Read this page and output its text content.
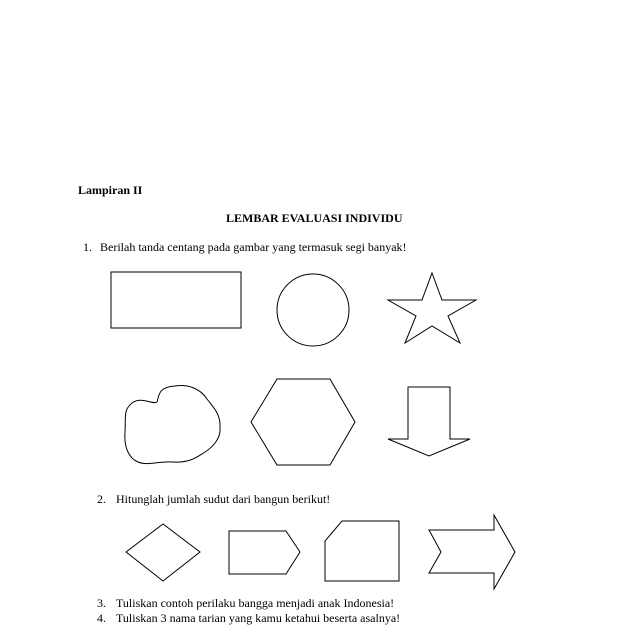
Lampiran II
LEMBAR EVALUASI INDIVIDU
1. Berilah tanda centang pada gambar yang termasuk segi banyak!
2. Hitunglah jumlah sudut dari bangun berikut!
3. Tuliskan contoh perilaku bangga menjadi anak Indonesia!
4. Tuliskan 3 nama tarian yang kamu ketahui beserta asalnya!
